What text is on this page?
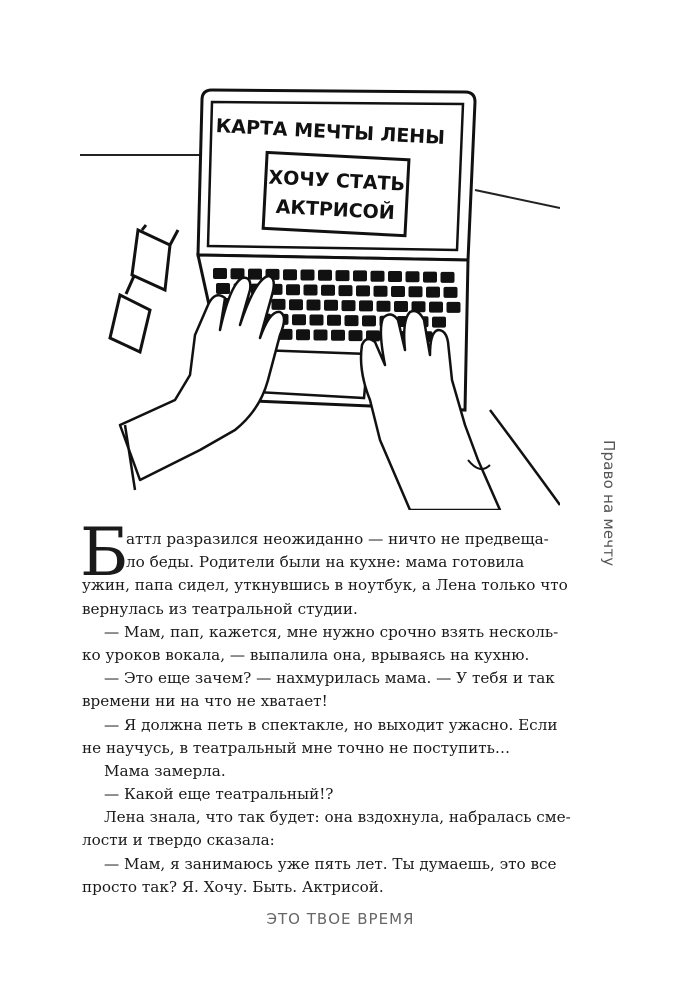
КАРТА МЕЧТЫ ЛЕНЫ
ХОЧУ СТАТЬ
АКТРИСОЙ
Право на мечту
Б
аттл разразился неожиданно — ничто не предвеща-
ло беды. Родители были на кухне: мама готовила
ужин, папа сидел, уткнувшись в ноутбук, а Лена только что
вернулась из театральной студии.
— Мам, пап, кажется, мне нужно срочно взять несколь-
ко уроков вокала, — выпалила она, врываясь на кухню.
— Это еще зачем? — нахмурилась мама. — У тебя и так
времени ни на что не хватает!
— Я должна петь в спектакле, но выходит ужасно. Если
не научусь, в театральный мне точно не поступить…
Мама замерла.
— Какой еще театральный!?
Лена знала, что так будет: она вздохнула, набралась сме-
лости и твердо сказала:
— Мам, я занимаюсь уже пять лет. Ты думаешь, это все
просто так? Я. Хочу. Быть. Актрисой.
ЭТО ТВОЕ ВРЕМЯ
